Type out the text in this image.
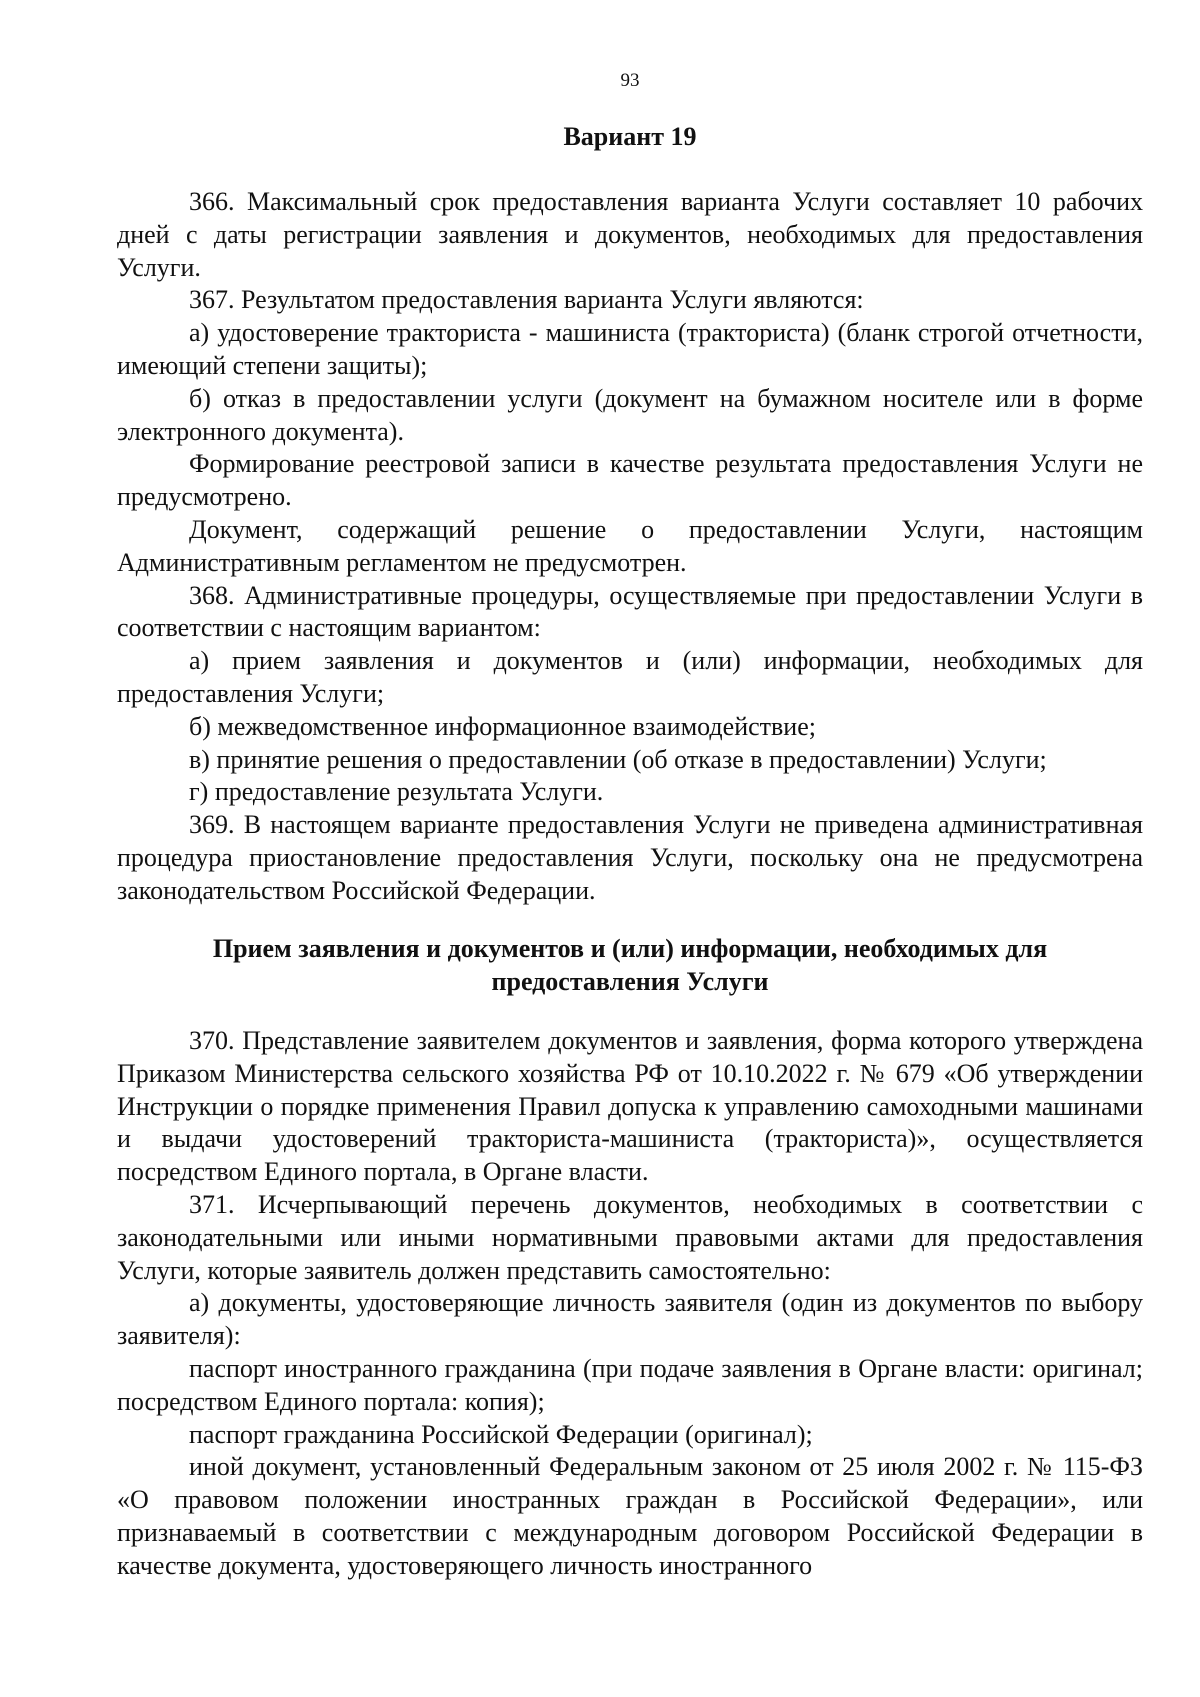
93
Вариант 19

366. Максимальный срок предоставления варианта Услуги составляет 10 рабочих дней с даты регистрации заявления и документов, необходимых для предоставления Услуги.

367. Результатом предоставления варианта Услуги являются:

а) удостоверение тракториста - машиниста (тракториста) (бланк строгой отчетности, имеющий степени защиты);

б) отказ в предоставлении услуги (документ на бумажном носителе или в форме электронного документа).

Формирование реестровой записи в качестве результата предоставления Услуги не предусмотрено.

Документ, содержащий решение о предоставлении Услуги, настоящим Административным регламентом не предусмотрен.

368. Административные процедуры, осуществляемые при предоставлении Услуги в соответствии с настоящим вариантом:

а) прием заявления и документов и (или) информации, необходимых для предоставления Услуги;

б) межведомственное информационное взаимодействие;

в) принятие решения о предоставлении (об отказе в предоставлении) Услуги;

г) предоставление результата Услуги.

369. В настоящем варианте предоставления Услуги не приведена административная процедура приостановление предоставления Услуги, поскольку она не предусмотрена законодательством Российской Федерации.

Прием заявления и документов и (или) информации, необходимых для
предоставления Услуги

370. Представление заявителем документов и заявления, форма которого утверждена Приказом Министерства сельского хозяйства РФ от 10.10.2022 г. № 679 «Об утверждении Инструкции о порядке применения Правил допуска к управлению самоходными машинами и выдачи удостоверений тракториста-машиниста (тракториста)», осуществляется посредством Единого портала, в Органе власти.

371. Исчерпывающий перечень документов, необходимых в соответствии с законодательными или иными нормативными правовыми актами для предоставления Услуги, которые заявитель должен представить самостоятельно:

а) документы, удостоверяющие личность заявителя (один из документов по выбору заявителя):

паспорт иностранного гражданина (при подаче заявления в Органе власти: оригинал; посредством Единого портала: копия);

паспорт гражданина Российской Федерации (оригинал);

иной документ, установленный Федеральным законом от 25 июля 2002 г. № 115-ФЗ «О правовом положении иностранных граждан в Российской Федерации», или признаваемый в соответствии с международным договором Российской Федерации в качестве документа, удостоверяющего личность иностранного
